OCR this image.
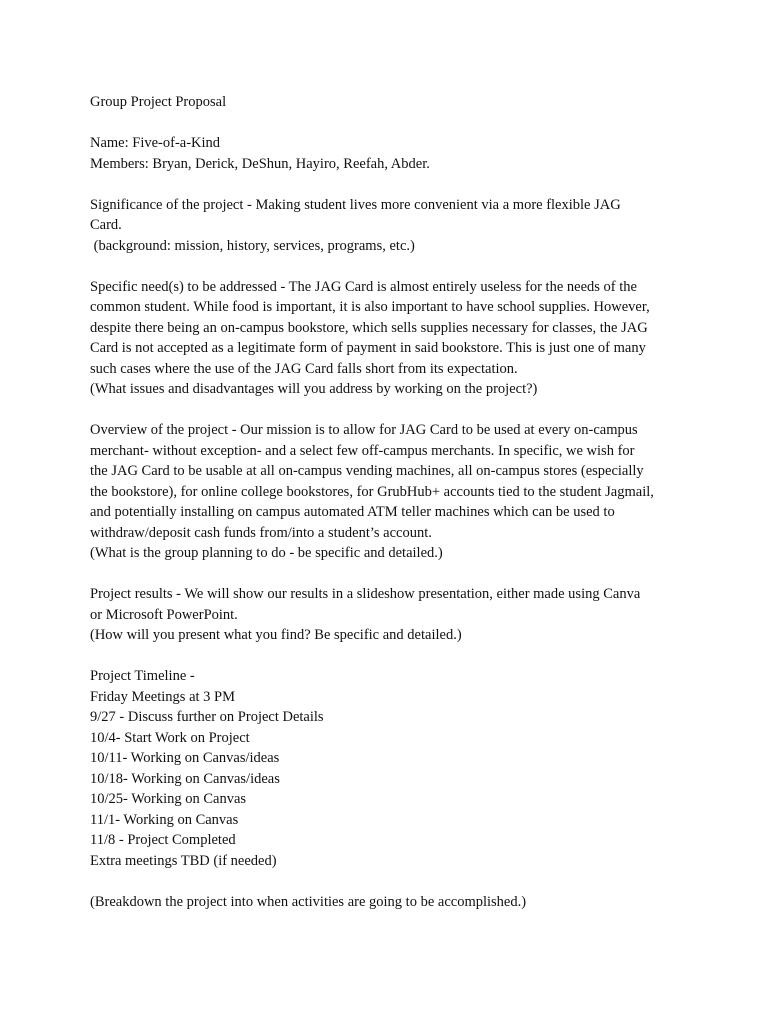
Group Project Proposal

Name: Five-of-a-Kind
Members: Bryan, Derick, DeShun, Hayiro, Reefah, Abder.

Significance of the project - Making student lives more convenient via a more flexible JAG
Card.
(background: mission, history, services, programs, etc.)

Specific need(s) to be addressed - The JAG Card is almost entirely useless for the needs of the
common student. While food is important, it is also important to have school supplies. However,
despite there being an on-campus bookstore, which sells supplies necessary for classes, the JAG
Card is not accepted as a legitimate form of payment in said bookstore. This is just one of many
such cases where the use of the JAG Card falls short from its expectation.
(What issues and disadvantages will you address by working on the project?)

Overview of the project - Our mission is to allow for JAG Card to be used at every on-campus
merchant- without exception- and a select few off-campus merchants. In specific, we wish for
the JAG Card to be usable at all on-campus vending machines, all on-campus stores (especially
the bookstore), for online college bookstores, for GrubHub+ accounts tied to the student Jagmail,
and potentially installing on campus automated ATM teller machines which can be used to
withdraw/deposit cash funds from/into a student’s account.
(What is the group planning to do - be specific and detailed.)

Project results - We will show our results in a slideshow presentation, either made using Canva
or Microsoft PowerPoint.
(How will you present what you find? Be specific and detailed.)

Project Timeline -
Friday Meetings at 3 PM
9/27 - Discuss further on Project Details
10/4- Start Work on Project
10/11- Working on Canvas/ideas
10/18- Working on Canvas/ideas
10/25- Working on Canvas
11/1- Working on Canvas
11/8 - Project Completed
Extra meetings TBD (if needed)

(Breakdown the project into when activities are going to be accomplished.)
